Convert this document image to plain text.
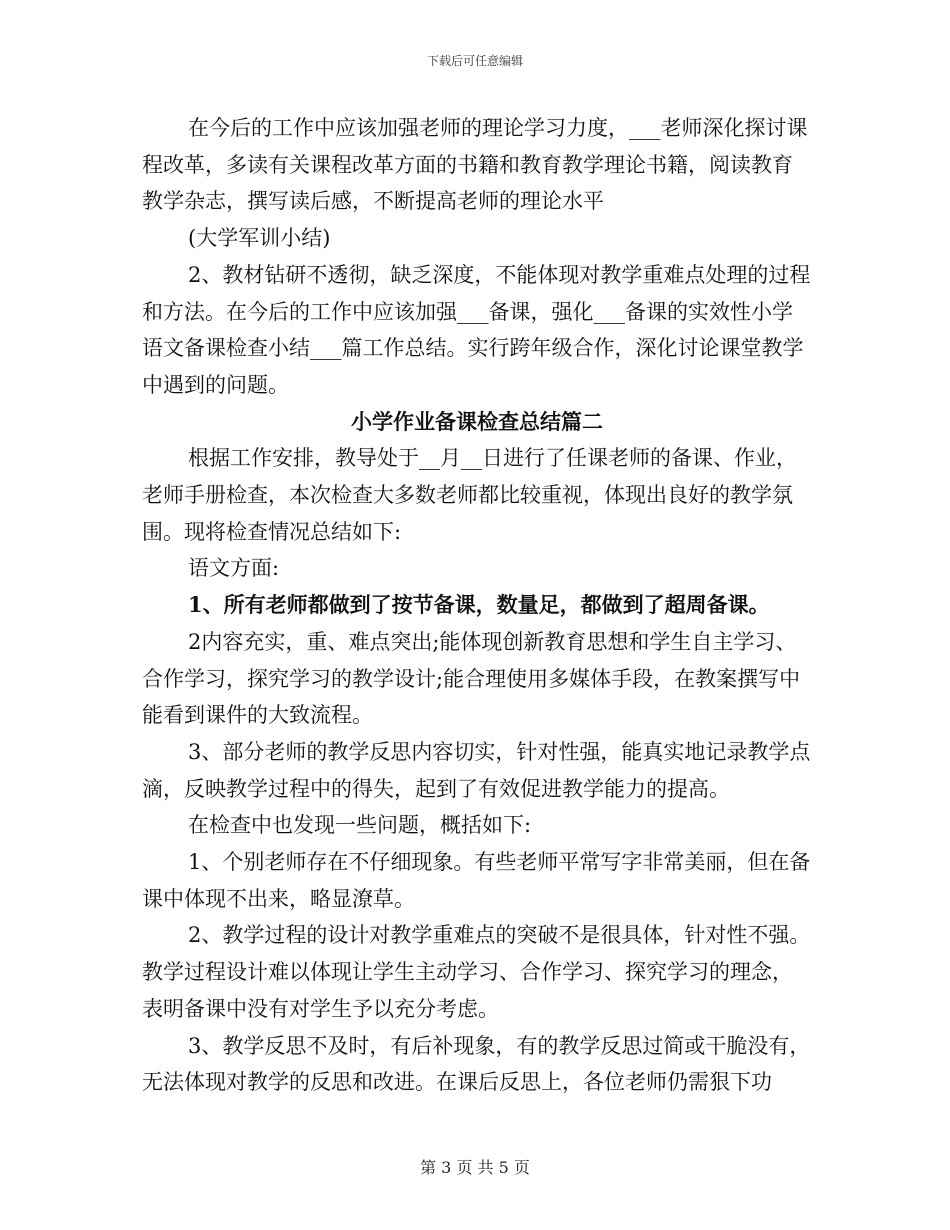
下载后可任意编辑

在今后的工作中应该加强老师的理论学习力度，___老师深化探讨课程改革，多读有关课程改革方面的书籍和教育教学理论书籍，阅读教育教学杂志，撰写读后感，不断提高老师的理论水平

(大学军训小结)

2、教材钻研不透彻，缺乏深度，不能体现对教学重难点处理的过程和方法。在今后的工作中应该加强___备课，强化___备课的实效性小学语文备课检查小结___篇工作总结。实行跨年级合作，深化讨论课堂教学中遇到的问题。

小学作业备课检查总结篇二

根据工作安排，教导处于__月__日进行了任课老师的备课、作业，老师手册检查，本次检查大多数老师都比较重视，体现出良好的教学氛围。现将检查情况总结如下:

语文方面:

1、所有老师都做到了按节备课，数量足，都做到了超周备课。

2内容充实，重、难点突出;能体现创新教育思想和学生自主学习、合作学习，探究学习的教学设计;能合理使用多媒体手段，在教案撰写中能看到课件的大致流程。

3、部分老师的教学反思内容切实，针对性强，能真实地记录教学点滴，反映教学过程中的得失，起到了有效促进教学能力的提高。

在检查中也发现一些问题，概括如下:

1、个别老师存在不仔细现象。有些老师平常写字非常美丽，但在备课中体现不出来，略显潦草。

2、教学过程的设计对教学重难点的突破不是很具体，针对性不强。教学过程设计难以体现让学生主动学习、合作学习、探究学习的理念，表明备课中没有对学生予以充分考虑。

3、教学反思不及时，有后补现象，有的教学反思过简或干脆没有，无法体现对教学的反思和改进。在课后反思上，各位老师仍需狠下功

第 3 页 共 5 页
